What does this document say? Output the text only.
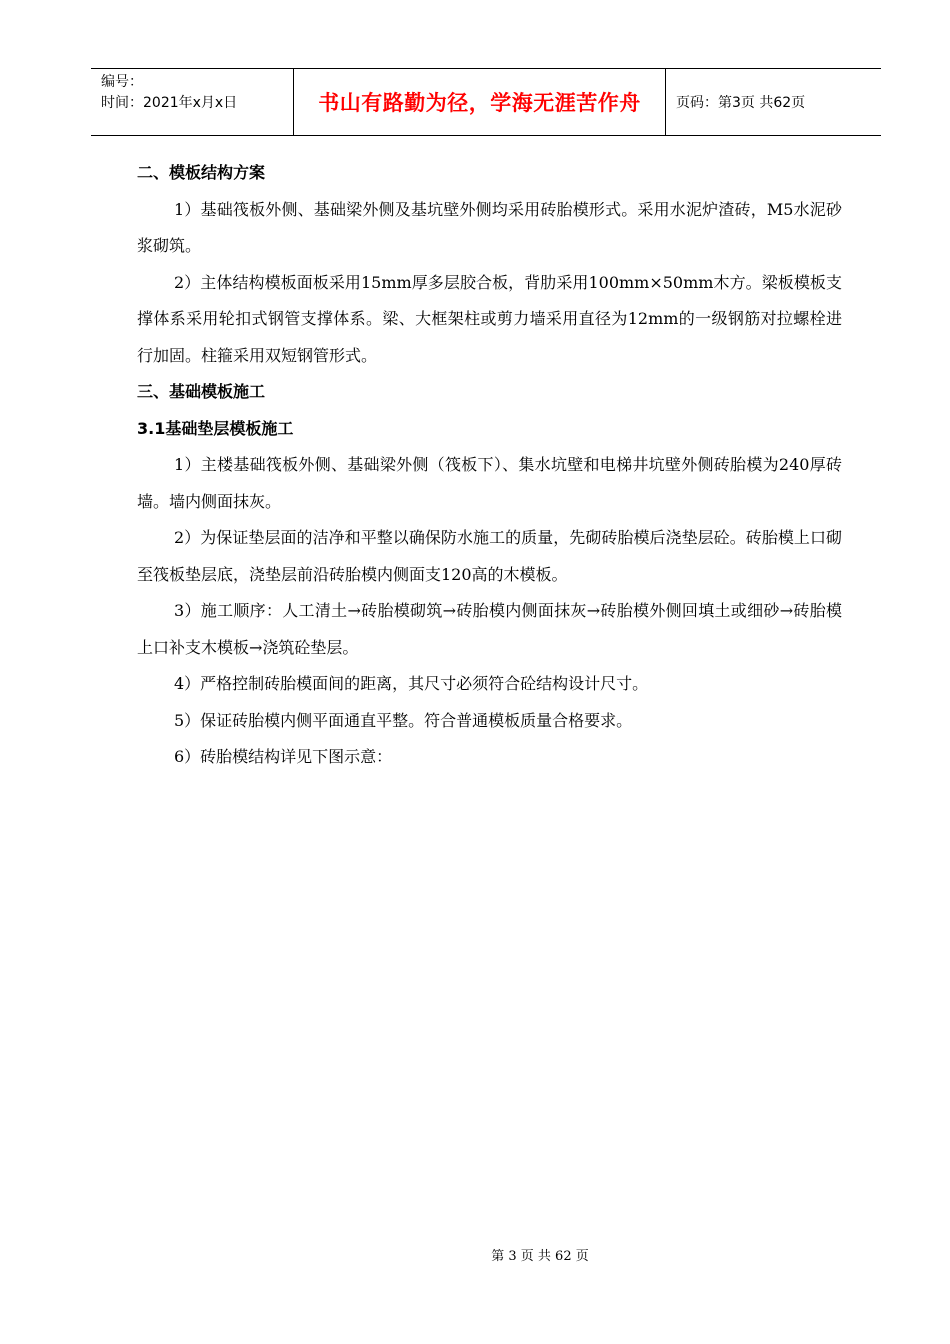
编号：
时间：2021年x月x日	书山有路勤为径，学海无涯苦作舟	页码：第3页 共62页
二、模板结构方案
1）基础筏板外侧、基础梁外侧及基坑壁外侧均采用砖胎模形式。采用水泥炉渣砖，M5水泥砂浆砌筑。
2）主体结构模板面板采用15mm厚多层胶合板，背肋采用100mm×50mm木方。梁板模板支撑体系采用轮扣式钢管支撑体系。梁、大框架柱或剪力墙采用直径为12mm的一级钢筋对拉螺栓进行加固。柱箍采用双短钢管形式。
三、基础模板施工
3.1基础垫层模板施工
1）主楼基础筏板外侧、基础梁外侧（筏板下）、集水坑壁和电梯井坑壁外侧砖胎模为240厚砖墙。墙内侧面抹灰。
2）为保证垫层面的洁净和平整以确保防水施工的质量，先砌砖胎模后浇垫层砼。砖胎模上口砌至筏板垫层底，浇垫层前沿砖胎模内侧面支120高的木模板。
3）施工顺序：人工清土→砖胎模砌筑→砖胎模内侧面抹灰→砖胎模外侧回填土或细砂→砖胎模上口补支木模板→浇筑砼垫层。
4）严格控制砖胎模面间的距离，其尺寸必须符合砼结构设计尺寸。
5）保证砖胎模内侧平面通直平整。符合普通模板质量合格要求。
6）砖胎模结构详见下图示意：
第 3 页 共 62 页
